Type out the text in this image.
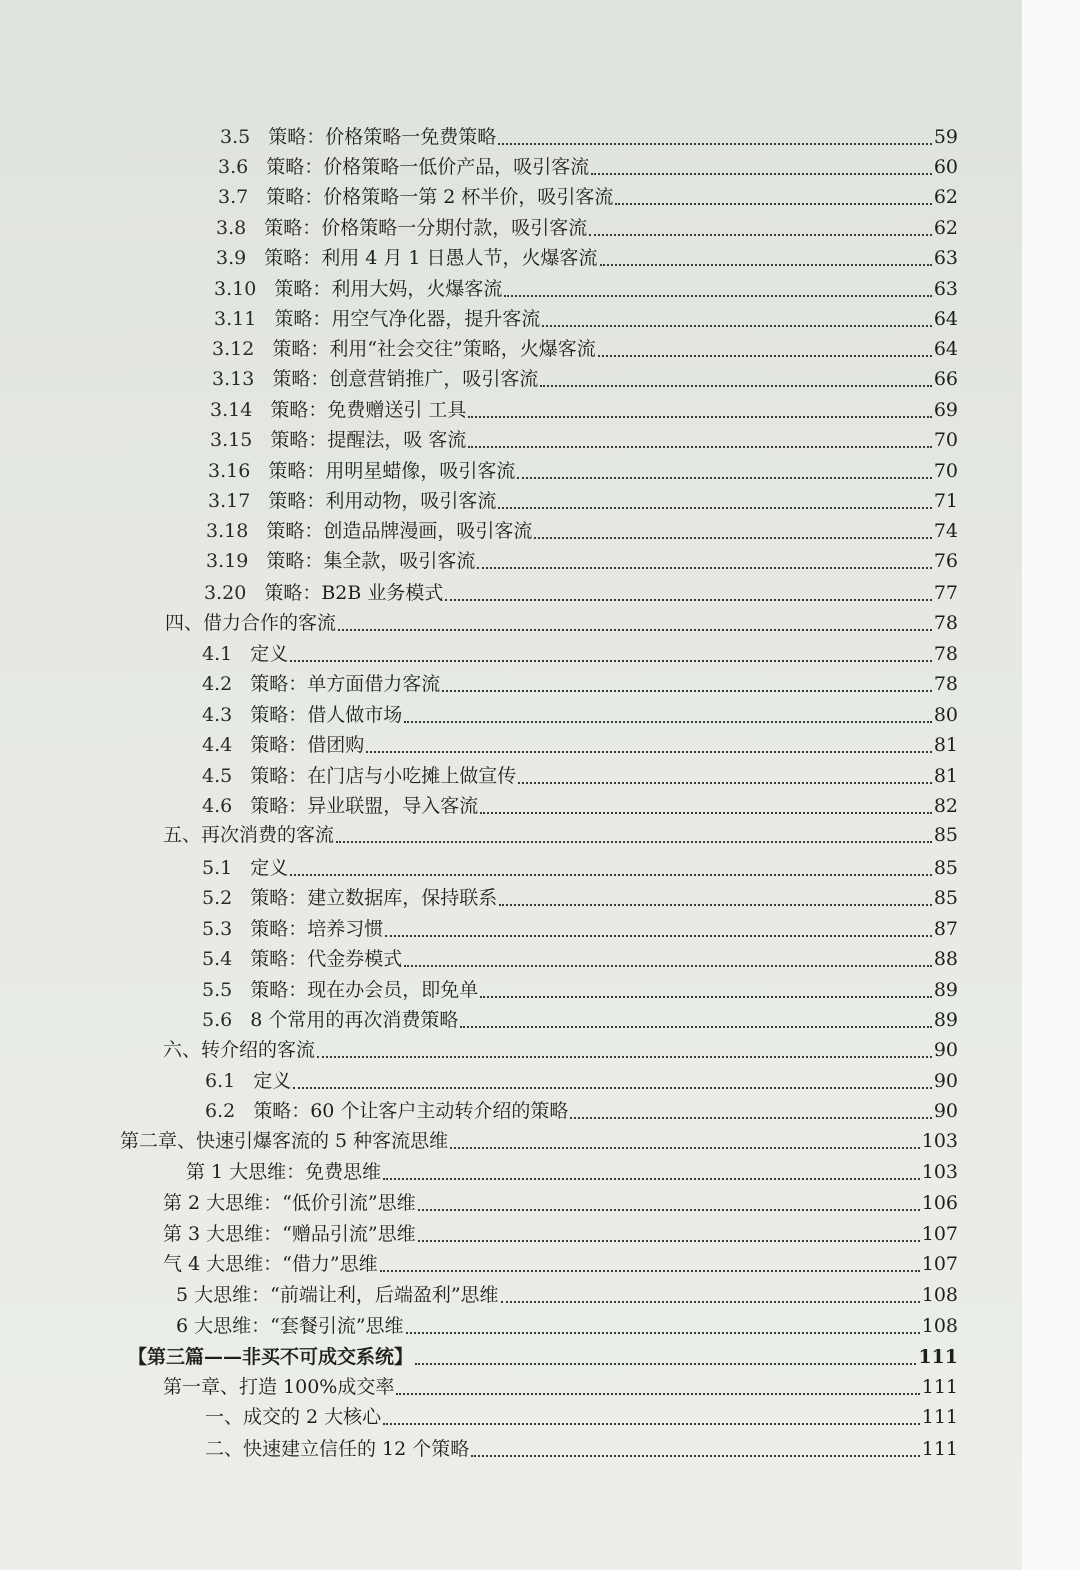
3.5 策略：价格策略一免费策略	59
3.6 策略：价格策略一低价产品，吸引客流	60
3.7 策略：价格策略一第 2 杯半价，吸引客流	62
3.8 策略：价格策略一分期付款，吸引客流	62
3.9 策略：利用 4 月 1 日愚人节，火爆客流	63
3.10 策略：利用大妈，火爆客流	63
3.11 策略：用空气净化器，提升客流	64
3.12 策略：利用“社会交往”策略，火爆客流	64
3.13 策略：创意营销推广，吸引客流	66
3.14 策略：免费赠送引 工具	69
3.15 策略：提醒法，吸 客流	70
3.16 策略：用明星蜡像，吸引客流	70
3.17 策略：利用动物，吸引客流	71
3.18 策略：创造品牌漫画，吸引客流	74
3.19 策略：集全款，吸引客流	76
3.20 策略：B2B 业务模式	77
四、借力合作的客流	78
4.1 定义	78
4.2 策略：单方面借力客流	78
4.3 策略：借人做市场	80
4.4 策略：借团购	81
4.5 策略：在门店与小吃摊上做宣传	81
4.6 策略：异业联盟，导入客流	82
五、再次消费的客流	85
5.1 定义	85
5.2 策略：建立数据库，保持联系	85
5.3 策略：培养习惯	87
5.4 策略：代金券模式	88
5.5 策略：现在办会员，即免单	89
5.6 8 个常用的再次消费策略	89
六、转介绍的客流	90
6.1 定义	90
6.2 策略：60 个让客户主动转介绍的策略	90
第二章、快速引爆客流的 5 种客流思维	103
第 1 大思维：免费思维	103
第 2 大思维：“低价引流”思维	106
第 3 大思维：“赠品引流”思维	107
气 4 大思维：“借力”思维	107
5 大思维：“前端让利，后端盈利”思维	108
6 大思维：“套餐引流”思维	108
【第三篇——非买不可成交系统】	111
第一章、打造 100%成交率	111
一、成交的 2 大核心	111
二、快速建立信任的 12 个策略	111
